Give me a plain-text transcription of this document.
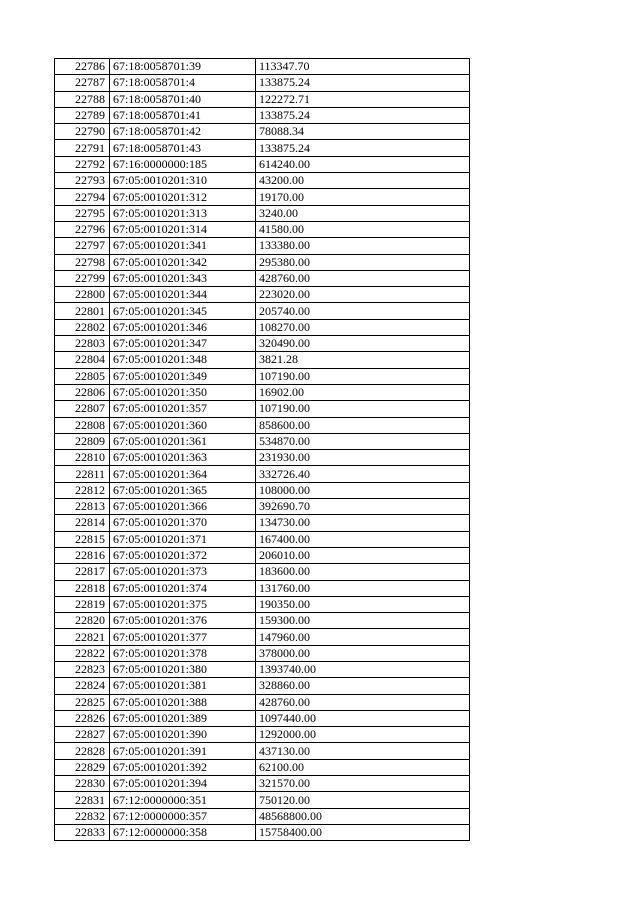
22786	67:18:0058701:39	113347.70
22787	67:18:0058701:4	133875.24
22788	67:18:0058701:40	122272.71
22789	67:18:0058701:41	133875.24
22790	67:18:0058701:42	78088.34
22791	67:18:0058701:43	133875.24
22792	67:16:0000000:185	614240.00
22793	67:05:0010201:310	43200.00
22794	67:05:0010201:312	19170.00
22795	67:05:0010201:313	3240.00
22796	67:05:0010201:314	41580.00
22797	67:05:0010201:341	133380.00
22798	67:05:0010201:342	295380.00
22799	67:05:0010201:343	428760.00
22800	67:05:0010201:344	223020.00
22801	67:05:0010201:345	205740.00
22802	67:05:0010201:346	108270.00
22803	67:05:0010201:347	320490.00
22804	67:05:0010201:348	3821.28
22805	67:05:0010201:349	107190.00
22806	67:05:0010201:350	16902.00
22807	67:05:0010201:357	107190.00
22808	67:05:0010201:360	858600.00
22809	67:05:0010201:361	534870.00
22810	67:05:0010201:363	231930.00
22811	67:05:0010201:364	332726.40
22812	67:05:0010201:365	108000.00
22813	67:05:0010201:366	392690.70
22814	67:05:0010201:370	134730.00
22815	67:05:0010201:371	167400.00
22816	67:05:0010201:372	206010.00
22817	67:05:0010201:373	183600.00
22818	67:05:0010201:374	131760.00
22819	67:05:0010201:375	190350.00
22820	67:05:0010201:376	159300.00
22821	67:05:0010201:377	147960.00
22822	67:05:0010201:378	378000.00
22823	67:05:0010201:380	1393740.00
22824	67:05:0010201:381	328860.00
22825	67:05:0010201:388	428760.00
22826	67:05:0010201:389	1097440.00
22827	67:05:0010201:390	1292000.00
22828	67:05:0010201:391	437130.00
22829	67:05:0010201:392	62100.00
22830	67:05:0010201:394	321570.00
22831	67:12:0000000:351	750120.00
22832	67:12:0000000:357	48568800.00
22833	67:12:0000000:358	15758400.00
